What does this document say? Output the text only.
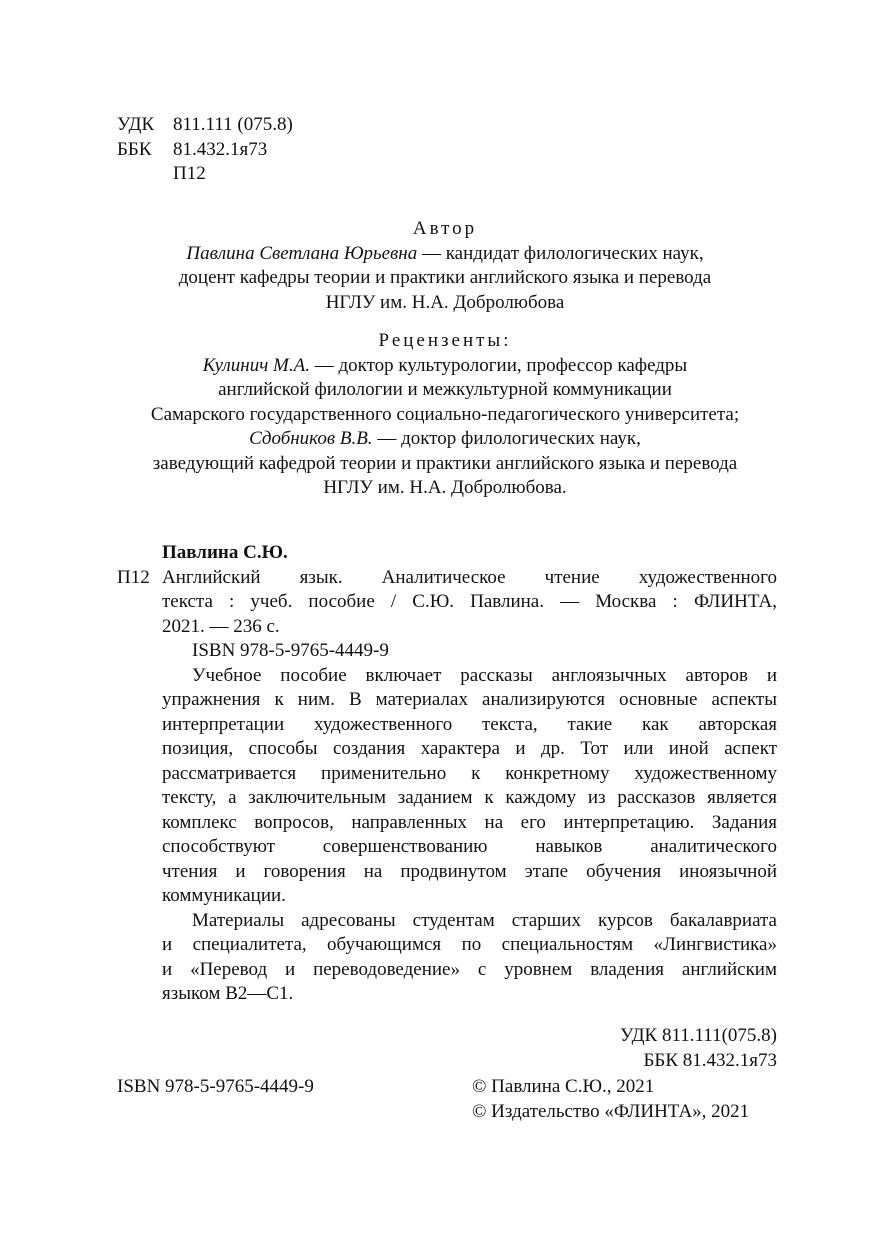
УДК 811.111 (075.8)
ББК 81.432.1я73
П12
Автор
Павлина Светлана Юрьевна — кандидат филологических наук,
доцент кафедры теории и практики английского языка и перевода
НГЛУ им. Н.А. Добролюбова
Рецензенты:
Кулинич М.А. — доктор культурологии, профессор кафедры
английской филологии и межкультурной коммуникации
Самарского государственного социально-педагогического университета;
Сдобников В.В. — доктор филологических наук,
заведующий кафедрой теории и практики английского языка и перевода
НГЛУ им. Н.А. Добролюбова.
Павлина С.Ю.
П12 Английский язык. Аналитическое чтение художественного
текста : учеб. пособие / С.Ю. Павлина. — Москва : ФЛИНТА,
2021. — 236 с.
ISBN 978-5-9765-4449-9
Учебное пособие включает рассказы англоязычных авторов и
упражнения к ним. В материалах анализируются основные аспекты
интерпретации художественного текста, такие как авторская
позиция, способы создания характера и др. Тот или иной аспект
рассматривается применительно к конкретному художественному
тексту, а заключительным заданием к каждому из рассказов является
комплекс вопросов, направленных на его интерпретацию. Задания
способствуют совершенствованию навыков аналитического
чтения и говорения на продвинутом этапе обучения иноязычной
коммуникации.
Материалы адресованы студентам старших курсов бакалавриата
и специалитета, обучающимся по специальностям «Лингвистика»
и «Перевод и переводоведение» с уровнем владения английским
языком B2—C1.
УДК 811.111(075.8)
ББК 81.432.1я73
ISBN 978-5-9765-4449-9	© Павлина С.Ю., 2021
© Издательство «ФЛИНТА», 2021
